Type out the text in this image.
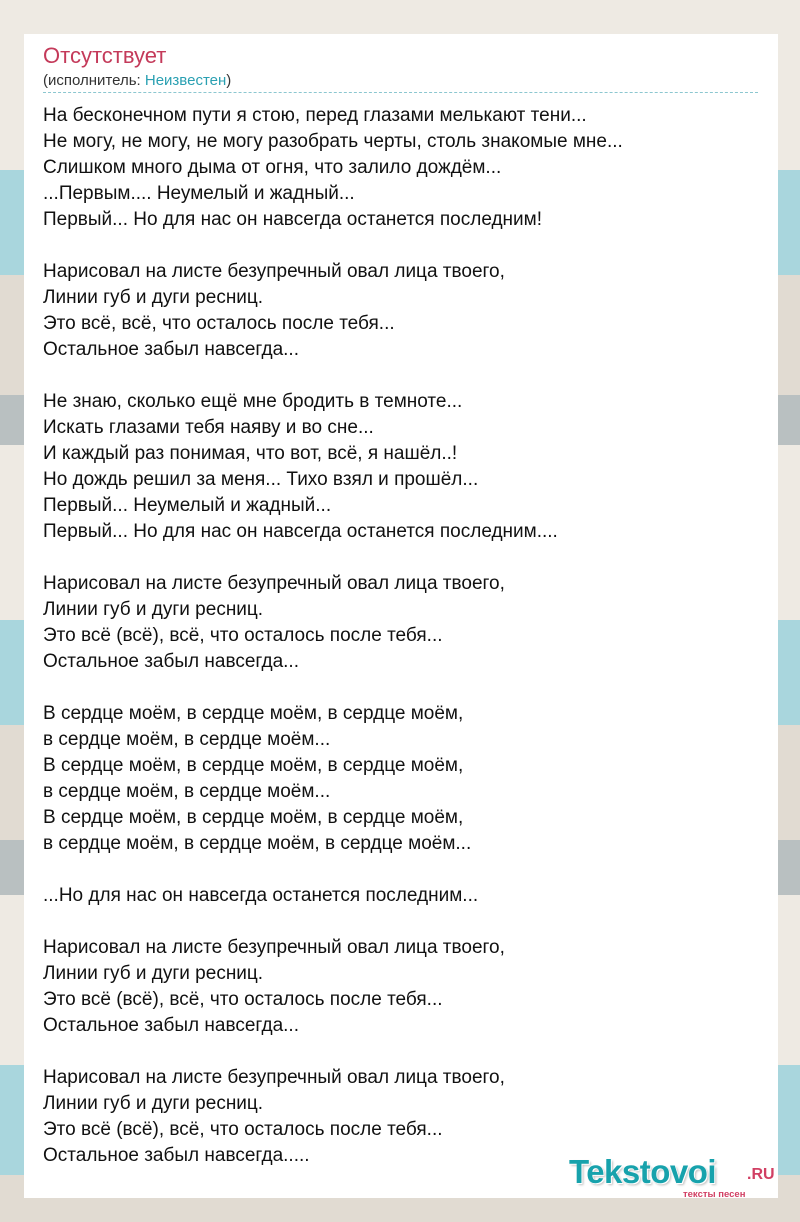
Отсутствует
(исполнитель: Неизвестен)
На бесконечном пути я стою, перед глазами мелькают тени...
Не могу, не могу, не могу разобрать черты, столь знакомые мне...
Слишком много дыма от огня, что залило дождём...
...Первым.... Неумелый и жадный...
Первый... Но для нас он навсегда останется последним!
Нарисовал на листе безупречный овал лица твоего,
Линии губ и дуги ресниц.
Это всё, всё, что осталось после тебя...
Остальное забыл навсегда...
Не знаю, сколько ещё мне бродить в темноте...
Искать глазами тебя наяву и во сне...
И каждый раз понимая, что вот, всё, я нашёл..!
Но дождь решил за меня... Тихо взял и прошёл...
Первый... Неумелый и жадный...
Первый... Но для нас он навсегда останется последним....
Нарисовал на листе безупречный овал лица твоего,
Линии губ и дуги ресниц.
Это всё (всё), всё, что осталось после тебя...
Остальное забыл навсегда...
В сердце моём, в сердце моём, в сердце моём,
в сердце моём, в сердце моём...
В сердце моём, в сердце моём, в сердце моём,
в сердце моём, в сердце моём...
В сердце моём, в сердце моём, в сердце моём,
в сердце моём, в сердце моём, в сердце моём...
...Но для нас он навсегда останется последним...
Нарисовал на листе безупречный овал лица твоего,
Линии губ и дуги ресниц.
Это всё (всё), всё, что осталось после тебя...
Остальное забыл навсегда...
Нарисовал на листе безупречный овал лица твоего,
Линии губ и дуги ресниц.
Это всё (всё), всё, что осталось после тебя...
Остальное забыл навсегда.....	Tekstovoi .RU
тексты песен
